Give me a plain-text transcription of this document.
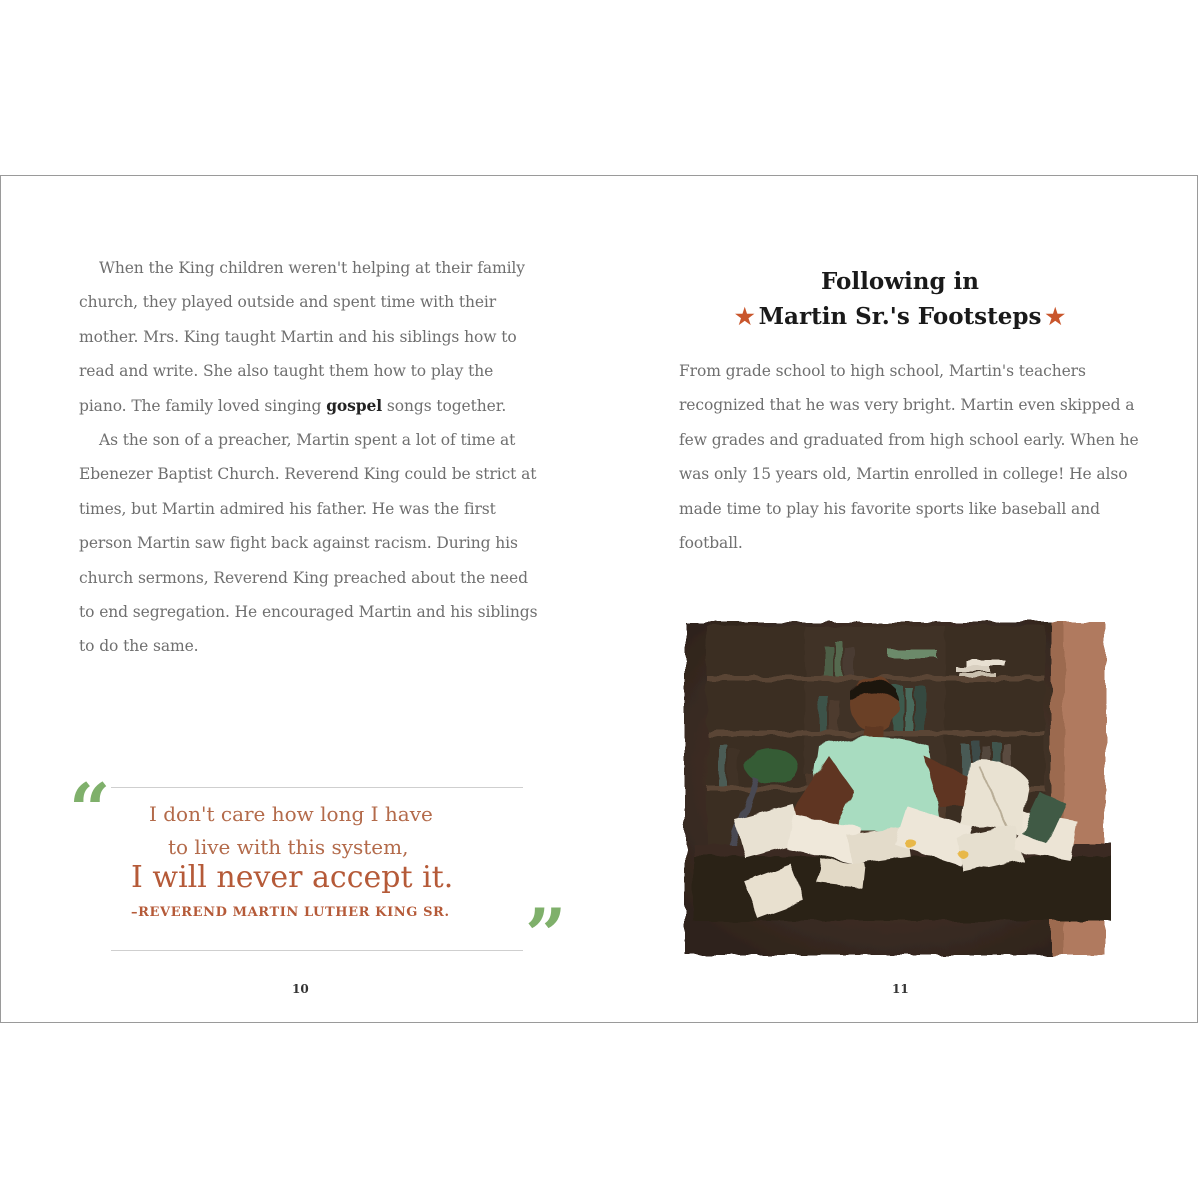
When the King children weren't helping at their family church, they played outside and spent time with their mother. Mrs. King taught Martin and his siblings how to read and write. She also taught them how to play the piano. The family loved singing gospel songs together.

As the son of a preacher, Martin spent a lot of time at Ebenezer Baptist Church. Reverend King could be strict at times, but Martin admired his father. He was the first person Martin saw fight back against racism. During his church sermons, Reverend King preached about the need to end segregation. He encouraged Martin and his siblings to do the same.

“ I don't care how long I have
to live with this system,
I will never accept it.
–REVEREND MARTIN LUTHER KING SR. ”
10
Following in
★ Martin Sr.'s Footsteps ★

From grade school to high school, Martin's teachers recognized that he was very bright. Martin even skipped a few grades and graduated from high school early. When he was only 15 years old, Martin enrolled in college! He also made time to play his favorite sports like baseball and football.

11
